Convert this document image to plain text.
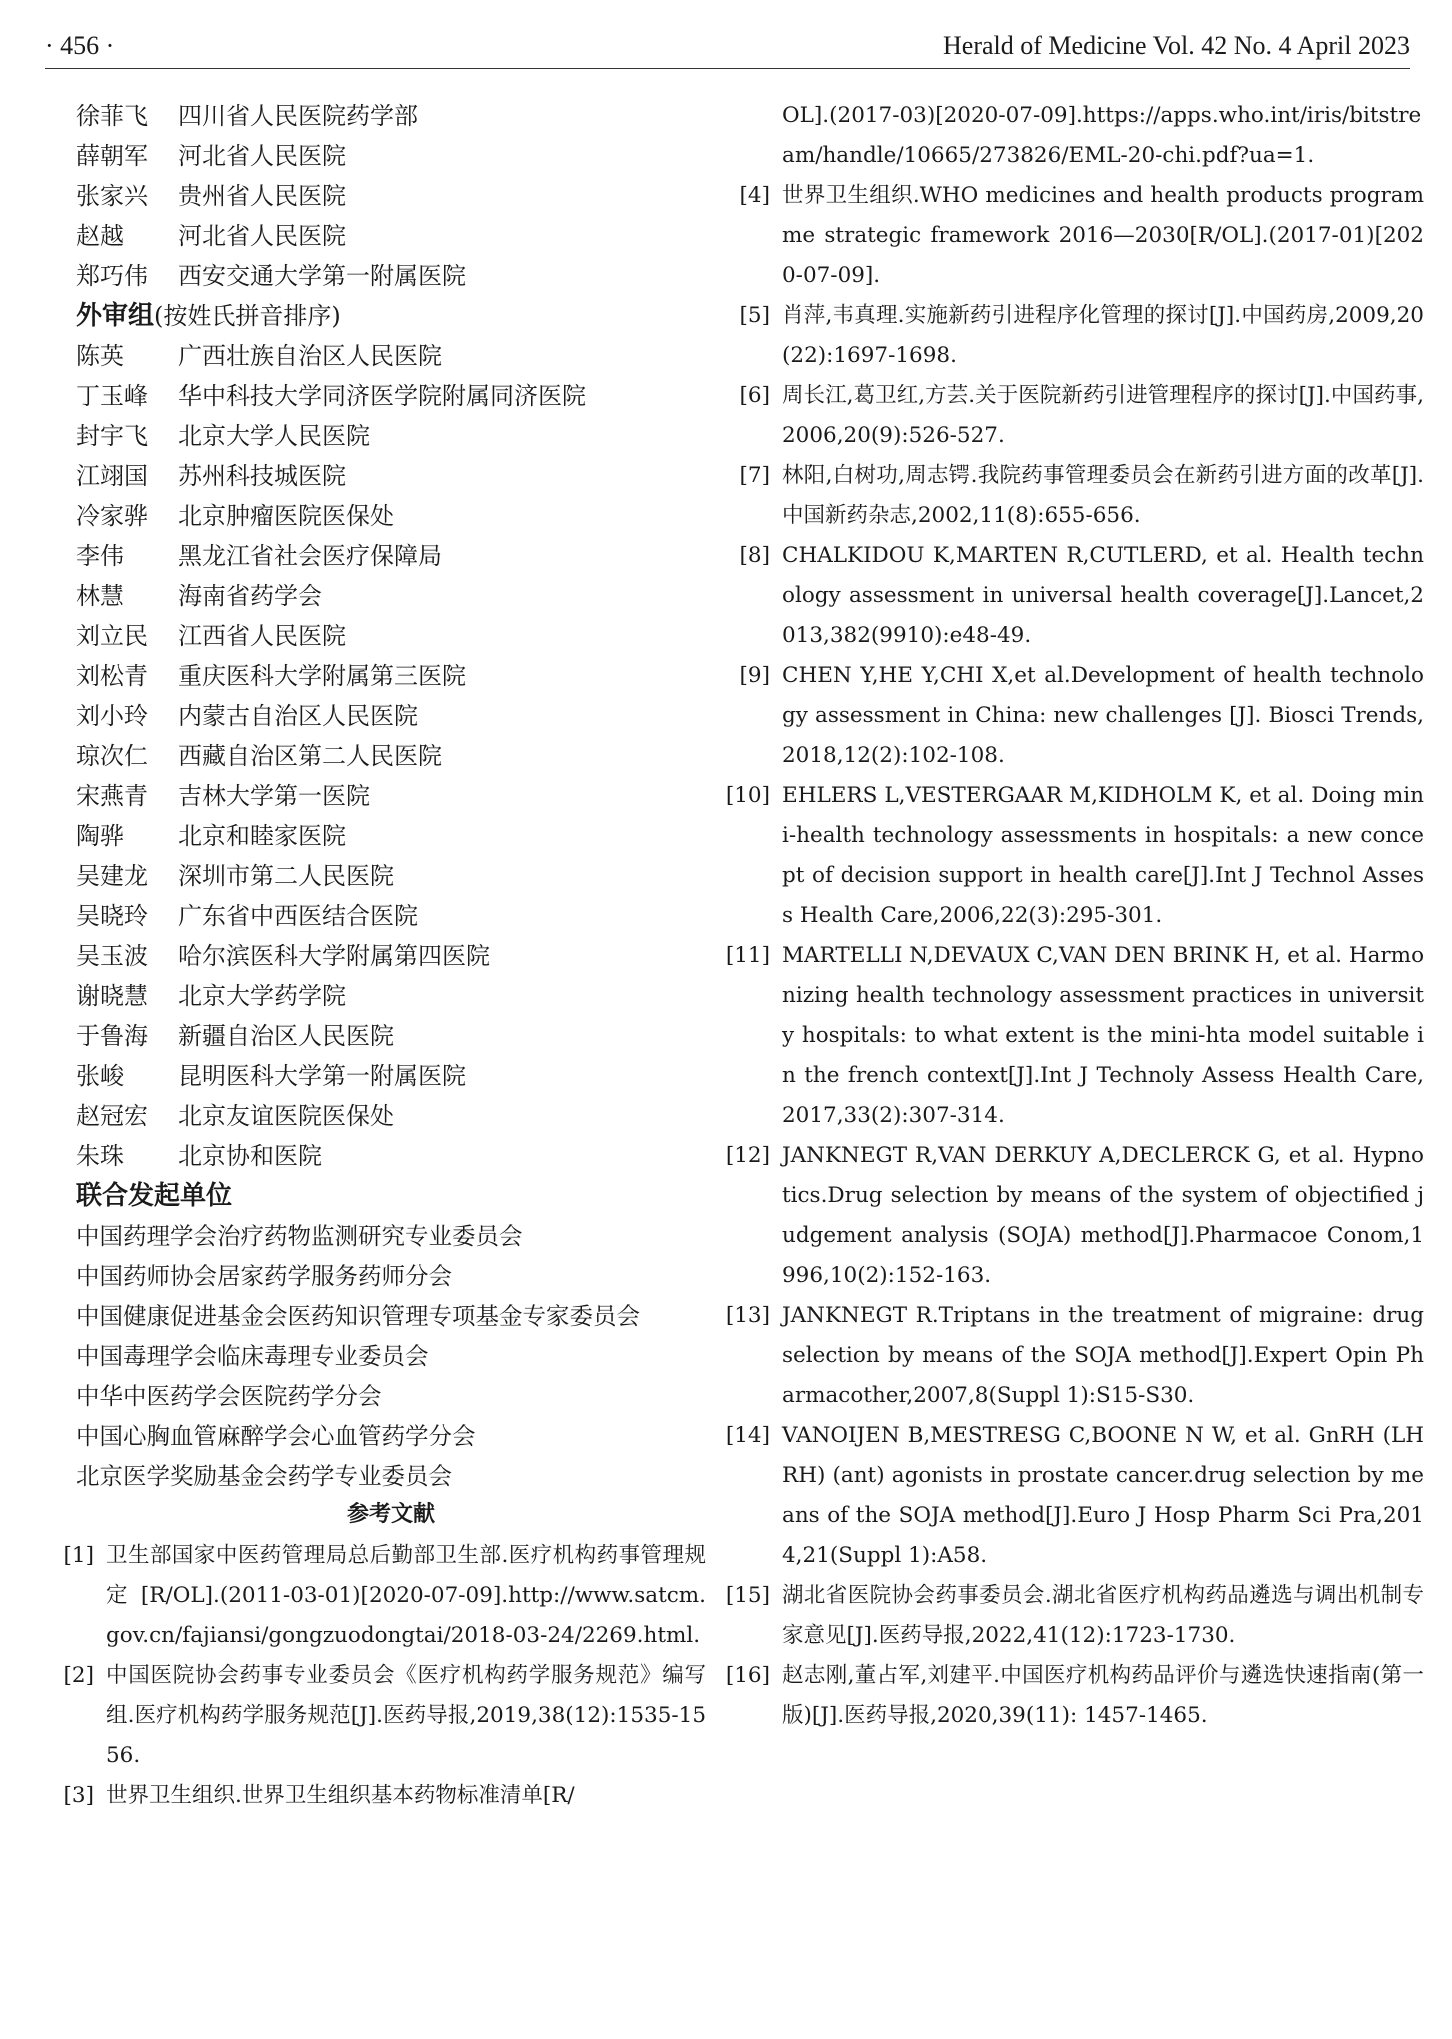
· 456 ·	Herald of Medicine Vol. 42 No. 4 April 2023
徐菲飞	四川省人民医院药学部
薛朝军	河北省人民医院
张家兴	贵州省人民医院
赵越	河北省人民医院
郑巧伟	西安交通大学第一附属医院
外审组(按姓氏拼音排序)
陈英	广西壮族自治区人民医院
丁玉峰	华中科技大学同济医学院附属同济医院
封宇飞	北京大学人民医院
江翊国	苏州科技城医院
冷家骅	北京肿瘤医院医保处
李伟	黑龙江省社会医疗保障局
林慧	海南省药学会
刘立民	江西省人民医院
刘松青	重庆医科大学附属第三医院
刘小玲	内蒙古自治区人民医院
琼次仁	西藏自治区第二人民医院
宋燕青	吉林大学第一医院
陶骅	北京和睦家医院
吴建龙	深圳市第二人民医院
吴晓玲	广东省中西医结合医院
吴玉波	哈尔滨医科大学附属第四医院
谢晓慧	北京大学药学院
于鲁海	新疆自治区人民医院
张峻	昆明医科大学第一附属医院
赵冠宏	北京友谊医院医保处
朱珠	北京协和医院
联合发起单位
中国药理学会治疗药物监测研究专业委员会
中国药师协会居家药学服务药师分会
中国健康促进基金会医药知识管理专项基金专家委员会
中国毒理学会临床毒理专业委员会
中华中医药学会医院药学分会
中国心胸血管麻醉学会心血管药学分会
北京医学奖励基金会药学专业委员会
参考文献
[1] 卫生部国家中医药管理局总后勤部卫生部.医疗机构药事管理规定[R/OL].(2011-03-01)[2020-07-09].http://www.satcm.gov.cn/fajiansi/gongzuodongtai/2018-03-24/2269.html.
[2] 中国医院协会药事专业委员会《医疗机构药学服务规范》编写组.医疗机构药学服务规范[J].医药导报,2019,38(12):1535-1556.
[3] 世界卫生组织.世界卫生组织基本药物标准清单[R/
OL].(2017-03)[2020-07-09].https://apps.who.int/iris/bitstream/handle/10665/273826/EML-20-chi.pdf?ua=1.
[4] 世界卫生组织.WHO medicines and health products programme strategic framework 2016—2030[R/OL].(2017-01)[2020-07-09].
[5] 肖萍,韦真理.实施新药引进程序化管理的探讨[J].中国药房,2009,20(22):1697-1698.
[6] 周长江,葛卫红,方芸.关于医院新药引进管理程序的探讨[J].中国药事,2006,20(9):526-527.
[7] 林阳,白树功,周志锷.我院药事管理委员会在新药引进方面的改革[J].中国新药杂志,2002,11(8):655-656.
[8] CHALKIDOU K,MARTEN R,CUTLERD, et al. Health technology assessment in universal health coverage[J].Lancet,2013,382(9910):e48-49.
[9] CHEN Y,HE Y,CHI X,et al.Development of health technology assessment in China: new challenges [J]. Biosci Trends,2018,12(2):102-108.
[10] EHLERS L,VESTERGAAR M,KIDHOLM K, et al. Doing mini-health technology assessments in hospitals: a new concept of decision support in health care[J].Int J Technol Assess Health Care,2006,22(3):295-301.
[11] MARTELLI N,DEVAUX C,VAN DEN BRINK H, et al. Harmonizing health technology assessment practices in university hospitals: to what extent is the mini-hta model suitable in the french context[J].Int J Technoly Assess Health Care,2017,33(2):307-314.
[12] JANKNEGT R,VAN DERKUY A,DECLERCK G, et al. Hypnotics.Drug selection by means of the system of objectified judgement analysis (SOJA) method[J].Pharmacoe Conom,1996,10(2):152-163.
[13] JANKNEGT R.Triptans in the treatment of migraine: drug selection by means of the SOJA method[J].Expert Opin Pharmacother,2007,8(Suppl 1):S15-S30.
[14] VANOIJEN B,MESTRESG C,BOONE N W, et al. GnRH (LHRH) (ant) agonists in prostate cancer.drug selection by means of the SOJA method[J].Euro J Hosp Pharm Sci Pra,2014,21(Suppl 1):A58.
[15] 湖北省医院协会药事委员会.湖北省医疗机构药品遴选与调出机制专家意见[J].医药导报,2022,41(12):1723-1730.
[16] 赵志刚,董占军,刘建平.中国医疗机构药品评价与遴选快速指南(第一版)[J].医药导报,2020,39(11): 1457-1465.
